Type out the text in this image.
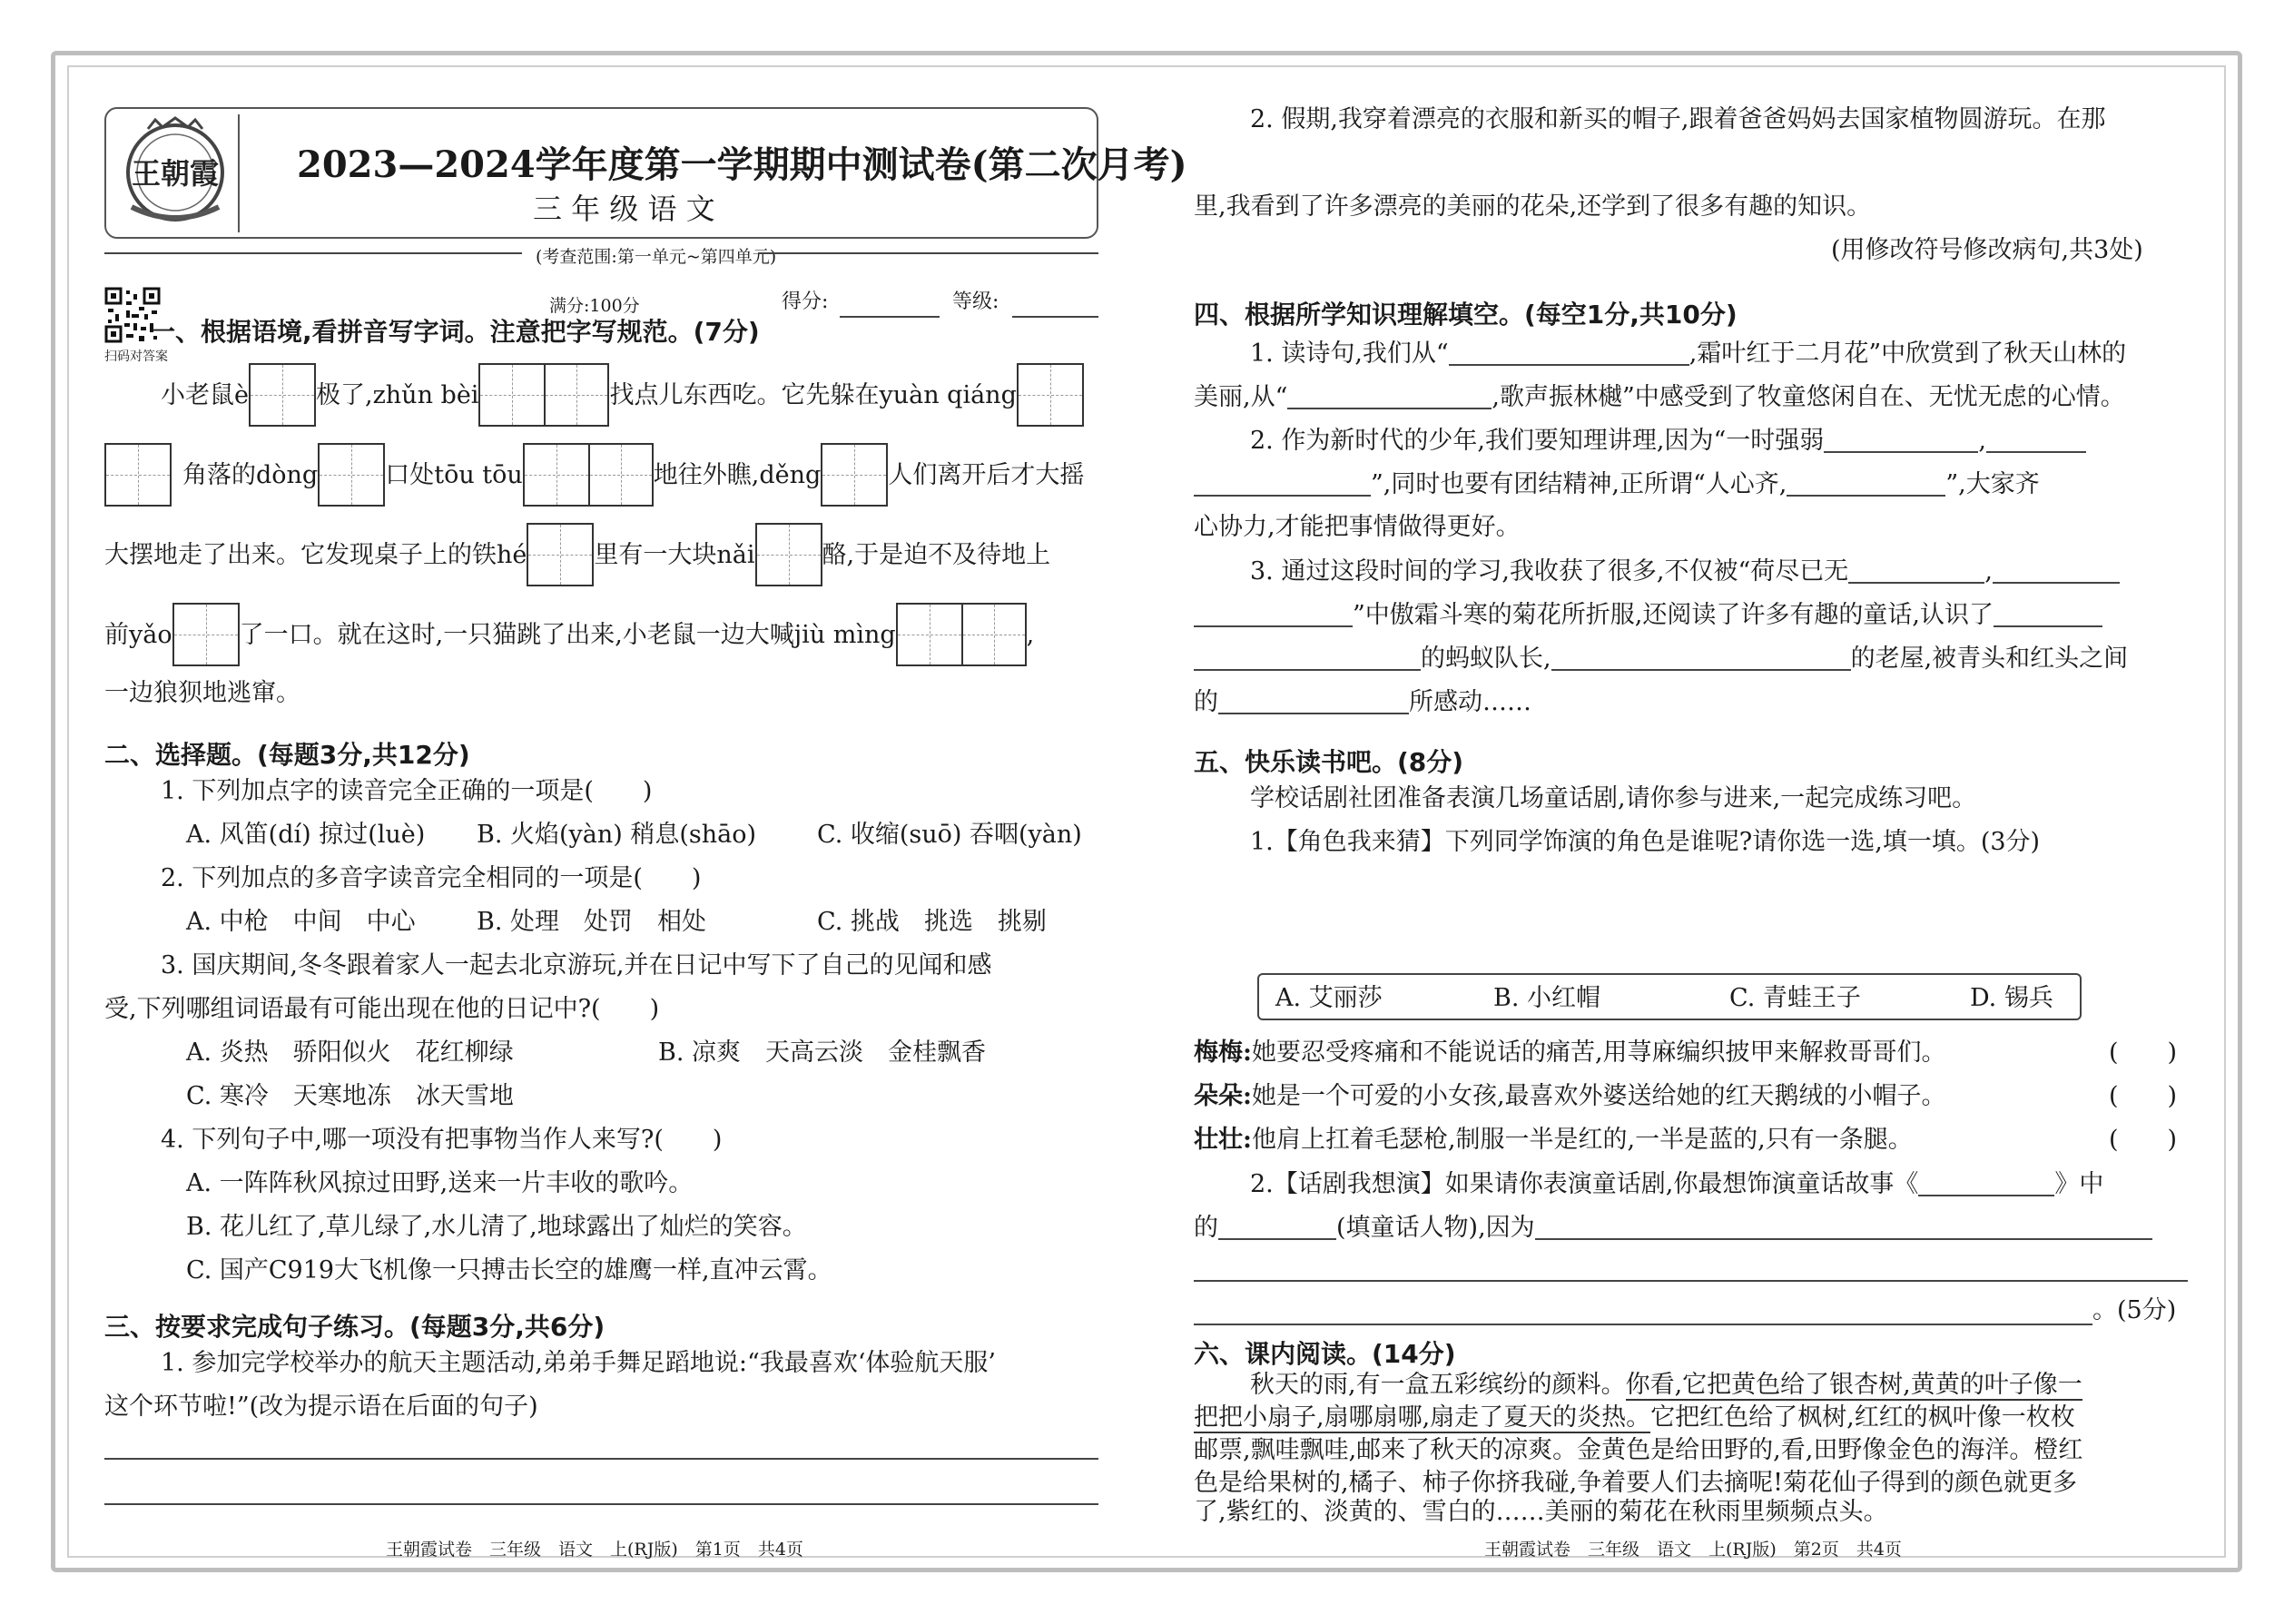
王朝霞 2023—2024学年度第一学期期中测试卷(第二次月考)
三 年 级 语 文
(考查范围:第一单元~第四单元)
满分:100分	得分:	等级:
扫码对答案
一、根据语境,看拼音写字词。注意把字写规范。(7分)
小老鼠è	极了,zhǔn bèi	找点儿东西吃。它先躲在yuàn qiáng
角落的dòng	口处tōu tōu	地往外瞧,děng	人们离开后才大摇
大摆地走了出来。它发现桌子上的铁hé	里有一大块nǎi	酪,于是迫不及待地上
前yǎo	了一口。就在这时,一只猫跳了出来,小老鼠一边大喊jiù mìng	,
一边狼狈地逃窜。
二、选择题。(每题3分,共12分)
1. 下列加点字的读音完全正确的一项是(　　)
A. 风笛(dí) 掠过(luè) B. 火焰(yàn) 稍息(shāo) C. 收缩(suō) 吞咽(yàn)
2. 下列加点的多音字读音完全相同的一项是(　　)
A. 中枪　中间　中心 B. 处理　处罚　相处	C. 挑战　挑选　挑剔
3. 国庆期间,冬冬跟着家人一起去北京游玩,并在日记中写下了自己的见闻和感
受,下列哪组词语最有可能出现在他的日记中?(　　)
A. 炎热　骄阳似火　花红柳绿	B. 凉爽　天高云淡　金桂飘香
C. 寒冷　天寒地冻　冰天雪地
4. 下列句子中,哪一项没有把事物当作人来写?(　　)
A. 一阵阵秋风掠过田野,送来一片丰收的歌吟。
B. 花儿红了,草儿绿了,水儿清了,地球露出了灿烂的笑容。
C. 国产C919大飞机像一只搏击长空的雄鹰一样,直冲云霄。
三、按要求完成句子练习。(每题3分,共6分)
1. 参加完学校举办的航天主题活动,弟弟手舞足蹈地说:“我最喜欢‘体验航天服’
这个环节啦!”(改为提示语在后面的句子)
王朝霞试卷　三年级　语文　上(RJ版)　第1页　共4页
2. 假期,我穿着漂亮的衣服和新买的帽子,跟着爸爸妈妈去国家植物圆游玩。在那
里,我看到了许多漂亮的美丽的花朵,还学到了很多有趣的知识。
(用修改符号修改病句,共3处)
四、根据所学知识理解填空。(每空1分,共10分)
1. 读诗句,我们从“	,霜叶红于二月花”中欣赏到了秋天山林的
美丽,从“	,歌声振林樾”中感受到了牧童悠闲自在、无忧无虑的心情。
2. 作为新时代的少年,我们要知理讲理,因为“一时强弱	,
”,同时也要有团结精神,正所谓“人心齐,	”,大家齐
心协力,才能把事情做得更好。
3. 通过这段时间的学习,我收获了很多,不仅被“荷尽已无	,
”中傲霜斗寒的菊花所折服,还阅读了许多有趣的童话,认识了
的蚂蚁队长,	的老屋,被青头和红头之间
的	所感动……
五、快乐读书吧。(8分)
学校话剧社团准备表演几场童话剧,请你参与进来,一起完成练习吧。
1.【角色我来猜】下列同学饰演的角色是谁呢?请你选一选,填一填。(3分)
A. 艾丽莎	B. 小红帽	C. 青蛙王子	D. 锡兵
梅梅:她要忍受疼痛和不能说话的痛苦,用荨麻编织披甲来解救哥哥们。	(　　)
朵朵:她是一个可爱的小女孩,最喜欢外婆送给她的红天鹅绒的小帽子。	(　　)
壮壮:他肩上扛着毛瑟枪,制服一半是红的,一半是蓝的,只有一条腿。	(　　)
2.【话剧我想演】如果请你表演童话剧,你最想饰演童话故事《	》中
的	(填童话人物),因为
。(5分)
六、课内阅读。(14分)
秋天的雨,有一盒五彩缤纷的颜料。你看,它把黄色给了银杏树,黄黄的叶子像一
把把小扇子,扇哪扇哪,扇走了夏天的炎热。它把红色给了枫树,红红的枫叶像一枚枚
邮票,飘哇飘哇,邮来了秋天的凉爽。金黄色是给田野的,看,田野像金色的海洋。橙红
色是给果树的,橘子、柿子你挤我碰,争着要人们去摘呢!菊花仙子得到的颜色就更多
王朝霞试卷　三年级　语文　上(RJ版)　第2页　共4页
了,紫红的、淡黄的、雪白的……美丽的菊花在秋雨里频频点头。
